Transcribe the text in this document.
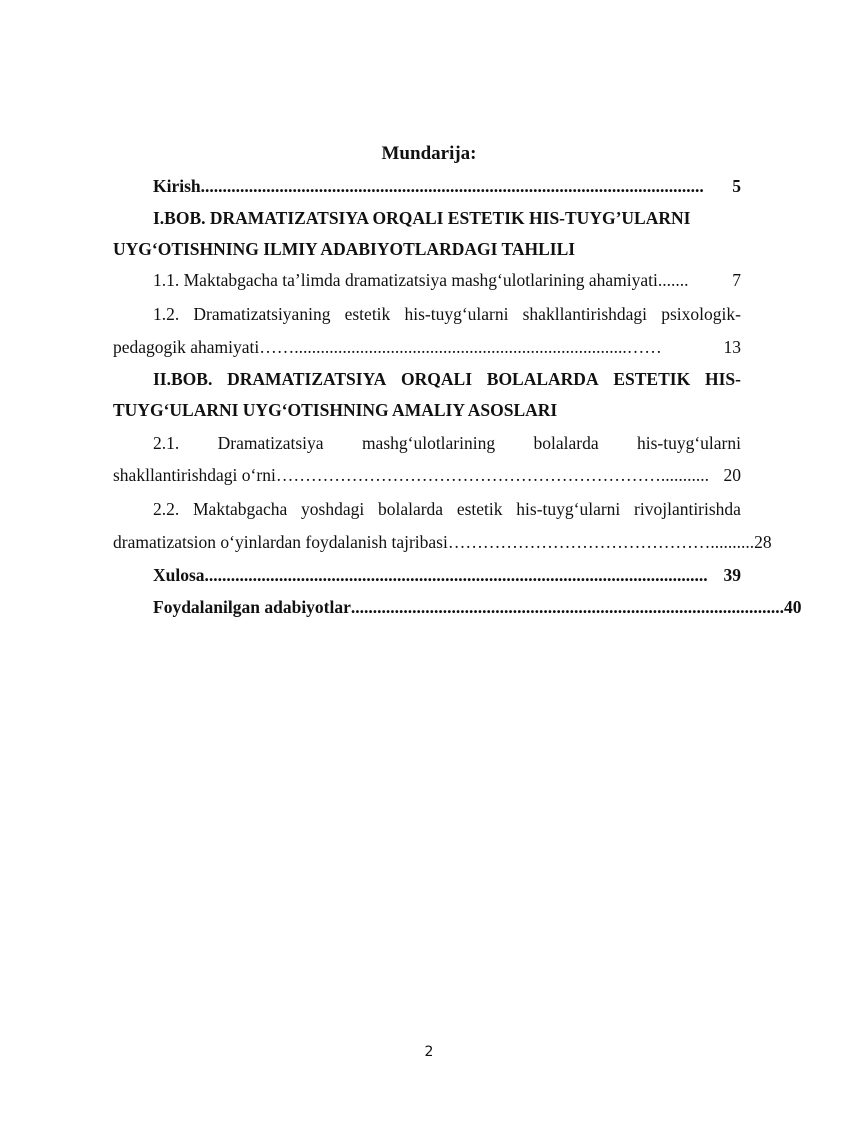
Mundarija:
Kirish ...................................................................................................................	5
I.BOB. DRAMATIZATSIYA ORQALI ESTETIK HIS-TUYG’ULARNI
UYG‘OTISHNING ILMIY ADABIYOTLARDAGI TAHLILI
1.1. Maktabgacha ta’limda dramatizatsiya mashg‘ulotlarining ahamiyati .......	7
1.2. Dramatizatsiyaning estetik his-tuyg‘ularni shakllantirishdagi psixologik-
pedagogik ahamiyati ……............................................................................……	13
II.BOB. DRAMATIZATSIYA ORQALI BOLALARDA ESTETIK HIS-
TUYG‘ULARNI UYG‘OTISHNING AMALIY ASOSLARI
2.1. Dramatizatsiya mashg‘ulotlarining bolalarda his-tuyg‘ularni
shakllantirishdagi o‘rni …………………………………………………………........... 20
2.2. Maktabgacha yoshdagi bolalarda estetik his-tuyg‘ularni rivojlantirishda
dramatizatsion o‘yinlardan foydalanish tajribasi ……………………………………….......... 28
Xulosa ................................................................................................................... 39
Foydalanilgan adabiyotlar ................................................................................................... 40
2
